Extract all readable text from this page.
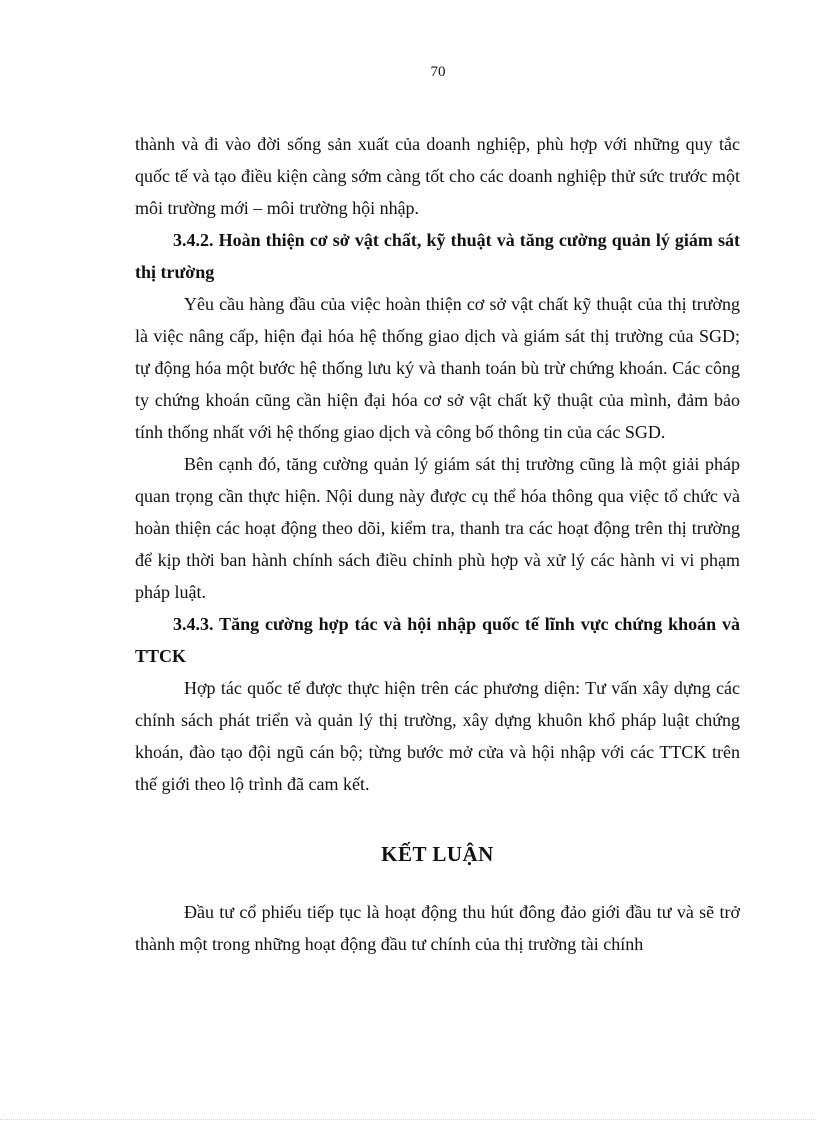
70

thành và đi vào đời sống sản xuất của doanh nghiệp, phù hợp với những quy tắc quốc tế và tạo điều kiện càng sớm càng tốt cho các doanh nghiệp thử sức trước một môi trường mới – môi trường hội nhập.

3.4.2. Hoàn thiện cơ sở vật chất, kỹ thuật và tăng cường quản lý giám sát thị trường

Yêu cầu hàng đầu của việc hoàn thiện cơ sở vật chất kỹ thuật của thị trường là việc nâng cấp, hiện đại hóa hệ thống giao dịch và giám sát thị trường của SGD; tự động hóa một bước hệ thống lưu ký và thanh toán bù trừ chứng khoán. Các công ty chứng khoán cũng cần hiện đại hóa cơ sở vật chất kỹ thuật của mình, đảm bảo tính thống nhất với hệ thống giao dịch và công bố thông tin của các SGD.

Bên cạnh đó, tăng cường quản lý giám sát thị trường cũng là một giải pháp quan trọng cần thực hiện. Nội dung này được cụ thể hóa thông qua việc tổ chức và hoàn thiện các hoạt động theo dõi, kiểm tra, thanh tra các hoạt động trên thị trường để kịp thời ban hành chính sách điều chỉnh phù hợp và xử lý các hành vi vi phạm pháp luật.

3.4.3. Tăng cường hợp tác và hội nhập quốc tế lĩnh vực chứng khoán và TTCK

Hợp tác quốc tế được thực hiện trên các phương diện: Tư vấn xây dựng các chính sách phát triển và quản lý thị trường, xây dựng khuôn khổ pháp luật chứng khoán, đào tạo đội ngũ cán bộ; từng bước mở cửa và hội nhập với các TTCK trên thế giới theo lộ trình đã cam kết.

KẾT LUẬN

Đầu tư cổ phiếu tiếp tục là hoạt động thu hút đông đảo giới đầu tư và sẽ trở thành một trong những hoạt động đầu tư chính của thị trường tài chính
